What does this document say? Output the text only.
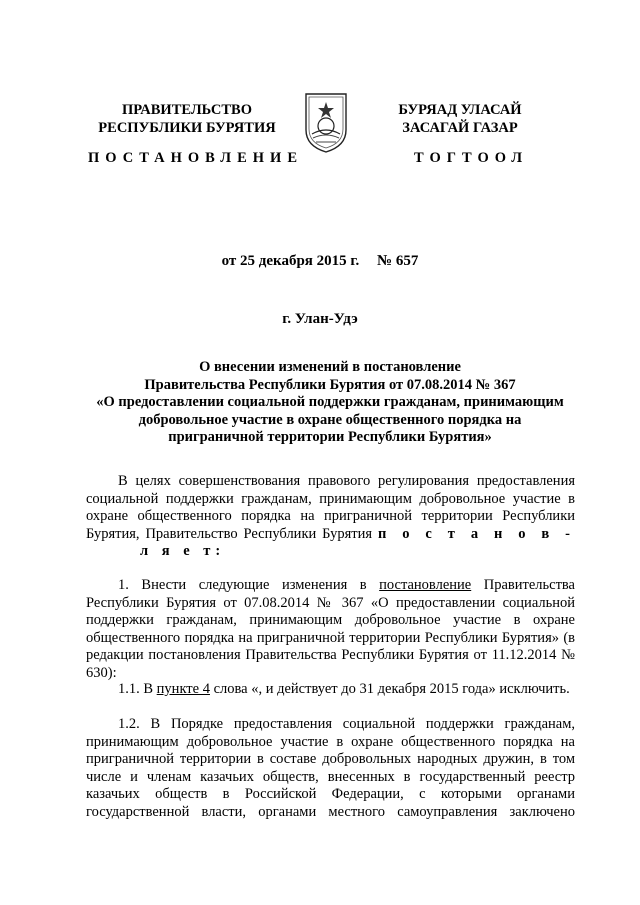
ПРАВИТЕЛЬСТВО
РЕСПУБЛИКИ БУРЯТИЯ
БУРЯАД УЛАСАЙ
ЗАСАГАЙ ГАЗАР
ПОСТАНОВЛЕНИЕ	ТОГТООЛ
от 25 декабря 2015 г. № 657
г. Улан-Удэ
О внесении изменений в постановление
Правительства Республики Бурятия от 07.08.2014 № 367
«О предоставлении социальной поддержки гражданам, принимающим
добровольное участие в охране общественного порядка на
приграничной территории Республики Бурятия»
В целях совершенствования правового регулирования предоставления социальной поддержки гражданам, принимающим добровольное участие в охране общественного порядка на приграничной территории Республики Бурятия, Правительство Республики Бурятия п о с т а н о в - л я е т:
1. Внести следующие изменения в постановление Правительства Республики Бурятия от 07.08.2014 № 367 «О предоставлении социальной поддержки гражданам, принимающим добровольное участие в охране общественного порядка на приграничной территории Республики Бурятия» (в редакции постановления Правительства Республики Бурятия от 11.12.2014 № 630):
1.1. В пункте 4 слова «, и действует до 31 декабря 2015 года» исключить.
1.2. В Порядке предоставления социальной поддержки гражданам, принимающим добровольное участие в охране общественного порядка на приграничной территории в составе добровольных народных дружин, в том числе и членам казачьих обществ, внесенных в государственный реестр казачьих обществ в Российской Федерации, с которыми органами государственной власти, органами местного самоуправления заключено
